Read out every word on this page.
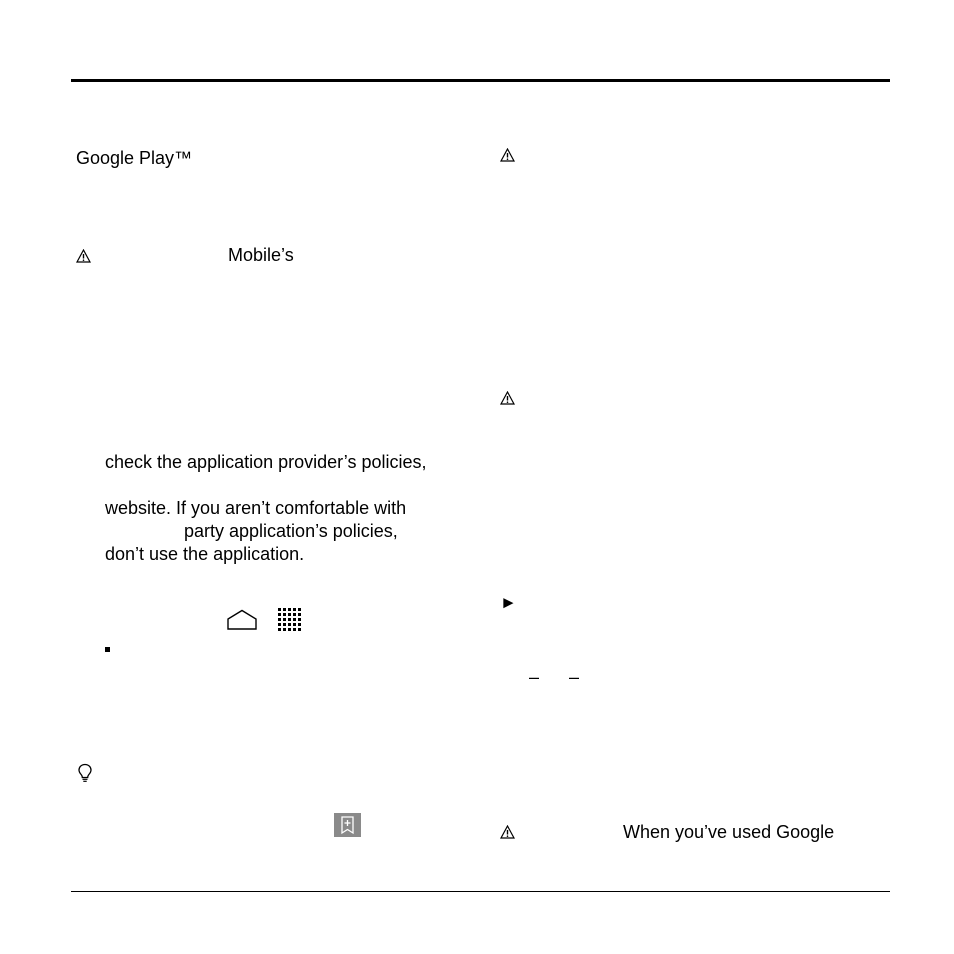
Google Play™
Mobile’s
check the application provider’s policies,
website. If you aren’t comfortable with
party application’s policies,
don’t use the application.
►
– –
When you’ve used Google
